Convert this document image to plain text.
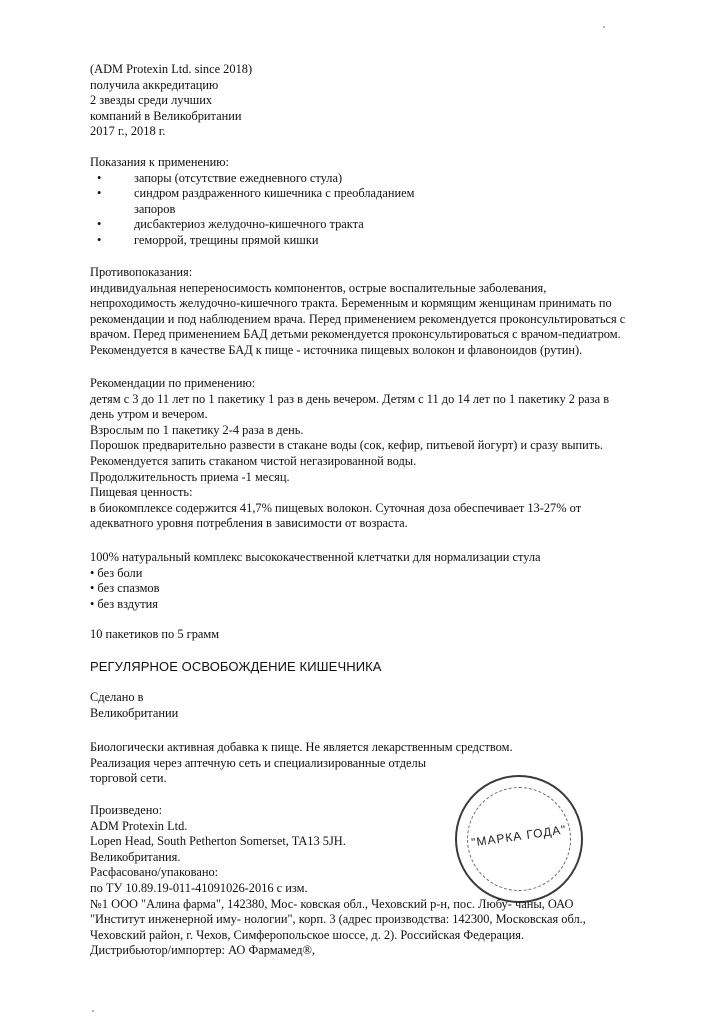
(ADM Protexin Ltd. since 2018)
получила аккредитацию
2 звезды среди лучших
компаний в Великобритании
2017 г., 2018 г.
Показания к применению:
•	запоры (отсутствие ежедневного стула)
•	синдром раздраженного кишечника с преобладанием
запоров
•	дисбактериоз желудочно-кишечного тракта
•	геморрой, трещины прямой кишки
Противопоказания:
индивидуальная непереносимость компонентов, острые воспалительные заболевания,
непроходимость желудочно-кишечного тракта. Беременным и кормящим женщинам принимать по
рекомендации и под наблюдением врача. Перед применением рекомендуется проконсультироваться с
врачом. Перед применением БАД детьми рекомендуется проконсультироваться с врачом-педиатром.
Рекомендуется в качестве БАД к пище - источника пищевых волокон и флавоноидов (рутин).
Рекомендации по применению:
детям с 3 до 11 лет по 1 пакетику 1 раз в день вечером. Детям с 11 до 14 лет по 1 пакетику 2 раза в
день утром и вечером.
Взрослым по 1 пакетику 2-4 раза в день.
Порошок предварительно развести в стакане воды (сок, кефир, питьевой йогурт) и сразу выпить.
Рекомендуется запить стаканом чистой негазированной воды.
Продолжительность приема -1 месяц.
Пищевая ценность:
в биокомплексе содержится 41,7% пищевых волокон. Суточная доза обеспечивает 13-27% от
адекватного уровня потребления в зависимости от возраста.
100% натуральный комплекс высококачественной клетчатки для нормализации стула
• без боли
• без спазмов
• без вздутия
10 пакетиков по 5 грамм
РЕГУЛЯРНОЕ ОСВОБОЖДЕНИЕ КИШЕЧНИКА
Сделано в
Великобритании
Биологически активная добавка к пище. Не является лекарственным средством.
Реализация через аптечную сеть и специализированные отделы
торговой сети.
"МАРКА ГОДА"
Произведено:
ADM Protexin Ltd.
Lopen Head, South Petherton Somerset, TA13 5JH.
Великобритания.
Расфасовано/упаковано:
по ТУ 10.89.19-011-41091026-2016 с изм.
№1 ООО "Алина фарма", 142380, Мос- ковская обл., Чеховский р-н, пос. Любу- чаны, ОАО
"Институт инженерной иму- нологии", корп. 3 (адрес производства: 142300, Московская обл.,
Чеховский район, г. Чехов, Симферопольское шоссе, д. 2). Российская Федерация.
Дистрибьютор/импортер: АО Фармамед®,
